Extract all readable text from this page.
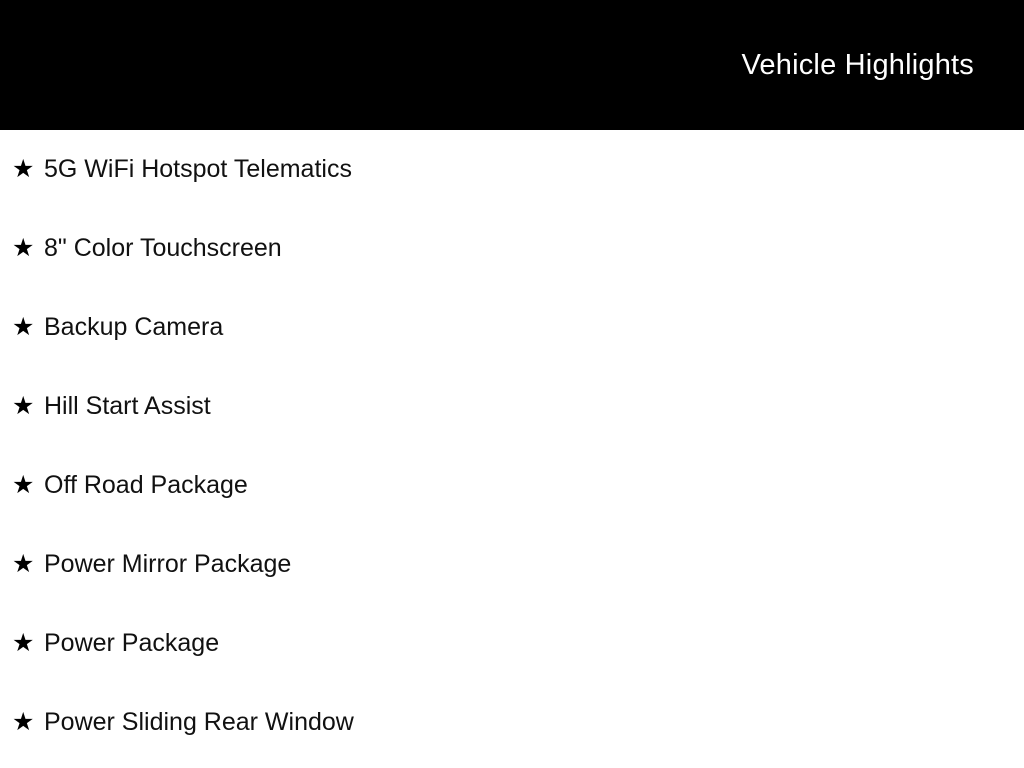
Vehicle Highlights
★ 5G WiFi Hotspot Telematics
★ 8" Color Touchscreen
★ Backup Camera
★ Hill Start Assist
★ Off Road Package
★ Power Mirror Package
★ Power Package
★ Power Sliding Rear Window
